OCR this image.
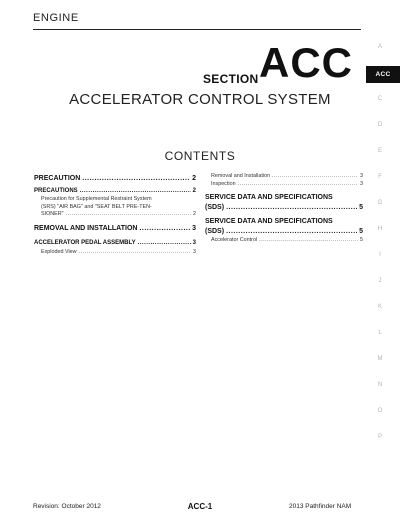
ENGINE
SECTION ACC
ACCELERATOR CONTROL SYSTEM
CONTENTS
ACC
A
C
D
E
F
G
H
I
J
K
L
M
N
O
P
PRECAUTION .....	2
PRECAUTIONS .....	2
Precaution for Supplemental Restraint System
(SRS) "AIR BAG" and "SEAT BELT PRE-TEN-
SIONER" .....	2
REMOVAL AND INSTALLATION .....	3
ACCELERATOR PEDAL ASSEMBLY .....	3
Exploded View .....	3
Removal and Installation .....	3
Inspection .....	3
SERVICE DATA AND SPECIFICATIONS
(SDS) .....	5
SERVICE DATA AND SPECIFICATIONS
(SDS) .....	5
Accelerator Control .....	5
Revision: October 2012	ACC-1	2013 Pathfinder NAM
